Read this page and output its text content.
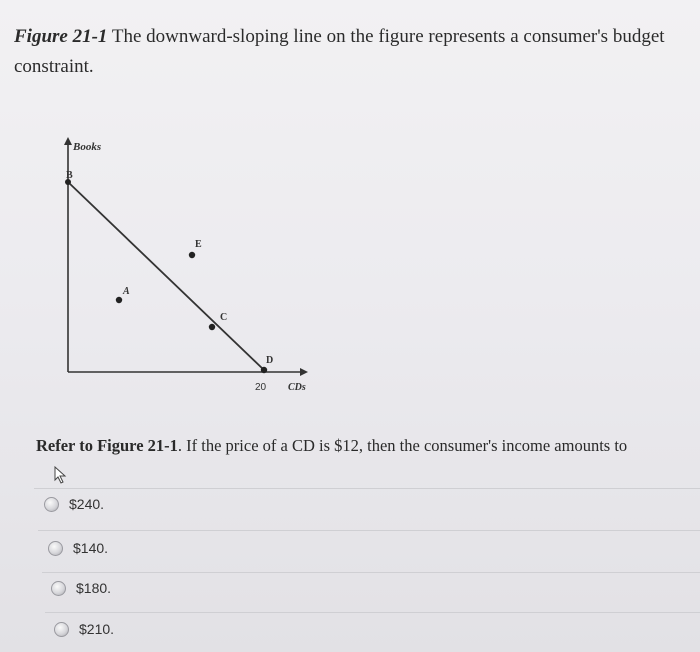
Figure 21-1 The downward-sloping line on the figure represents a consumer's budget constraint.
Books
B
E
A
C
D
20 CDs
Refer to Figure 21-1. If the price of a CD is $12, then the consumer's income amounts to
$240.
$140.
$180.
$210.
